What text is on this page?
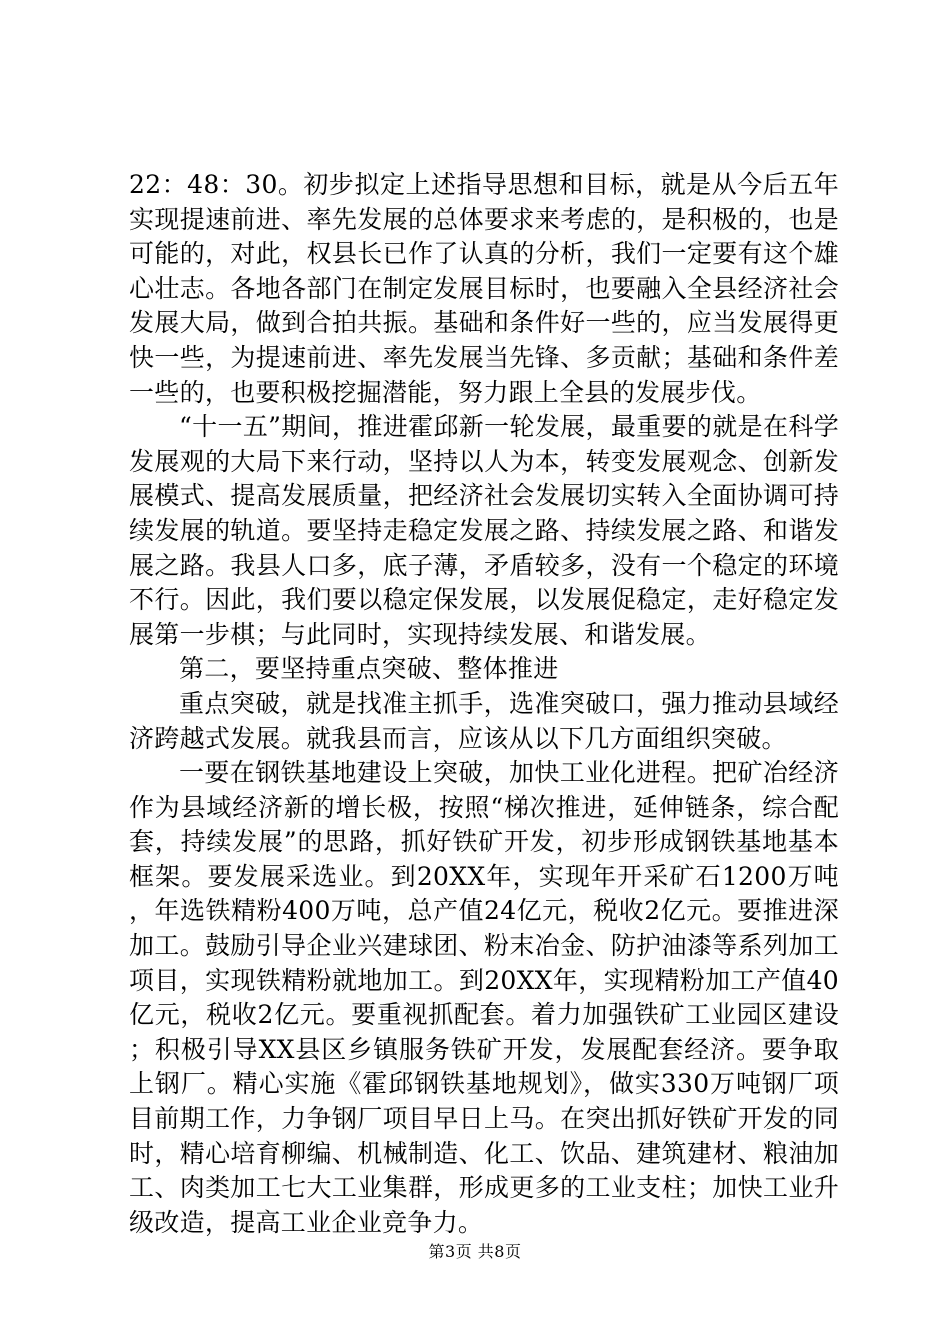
22：48：30。初步拟定上述指导思想和目标，就是从今后五年实现提速前进、率先发展的总体要求来考虑的，是积极的，也是可能的，对此，权县长已作了认真的分析，我们一定要有这个雄心壮志。各地各部门在制定发展目标时，也要融入全县经济社会发展大局，做到合拍共振。基础和条件好一些的，应当发展得更快一些，为提速前进、率先发展当先锋、多贡献；基础和条件差一些的，也要积极挖掘潜能，努力跟上全县的发展步伐。

“十一五”期间，推进霍邱新一轮发展，最重要的就是在科学发展观的大局下来行动，坚持以人为本，转变发展观念、创新发展模式、提高发展质量，把经济社会发展切实转入全面协调可持续发展的轨道。要坚持走稳定发展之路、持续发展之路、和谐发展之路。我县人口多，底子薄，矛盾较多，没有一个稳定的环境不行。因此，我们要以稳定保发展，以发展促稳定，走好稳定发展第一步棋；与此同时，实现持续发展、和谐发展。

第二，要坚持重点突破、整体推进

重点突破，就是找准主抓手，选准突破口，强力推动县域经济跨越式发展。就我县而言，应该从以下几方面组织突破。

一要在钢铁基地建设上突破，加快工业化进程。把矿冶经济作为县域经济新的增长极，按照“梯次推进，延伸链条，综合配套，持续发展”的思路，抓好铁矿开发，初步形成钢铁基地基本框架。要发展采选业。到20XX年，实现年开采矿石1200万吨，年选铁精粉400万吨，总产值24亿元，税收2亿元。要推进深加工。鼓励引导企业兴建球团、粉末冶金、防护油漆等系列加工项目，实现铁精粉就地加工。到20XX年，实现精粉加工产值40亿元，税收2亿元。要重视抓配套。着力加强铁矿工业园区建设；积极引导XX县区乡镇服务铁矿开发，发展配套经济。要争取上钢厂。精心实施《霍邱钢铁基地规划》，做实330万吨钢厂项目前期工作，力争钢厂项目早日上马。在突出抓好铁矿开发的同时，精心培育柳编、机械制造、化工、饮品、建筑建材、粮油加工、肉类加工七大工业集群，形成更多的工业支柱；加快工业升级改造，提高工业企业竞争力。

第3页 共8页
